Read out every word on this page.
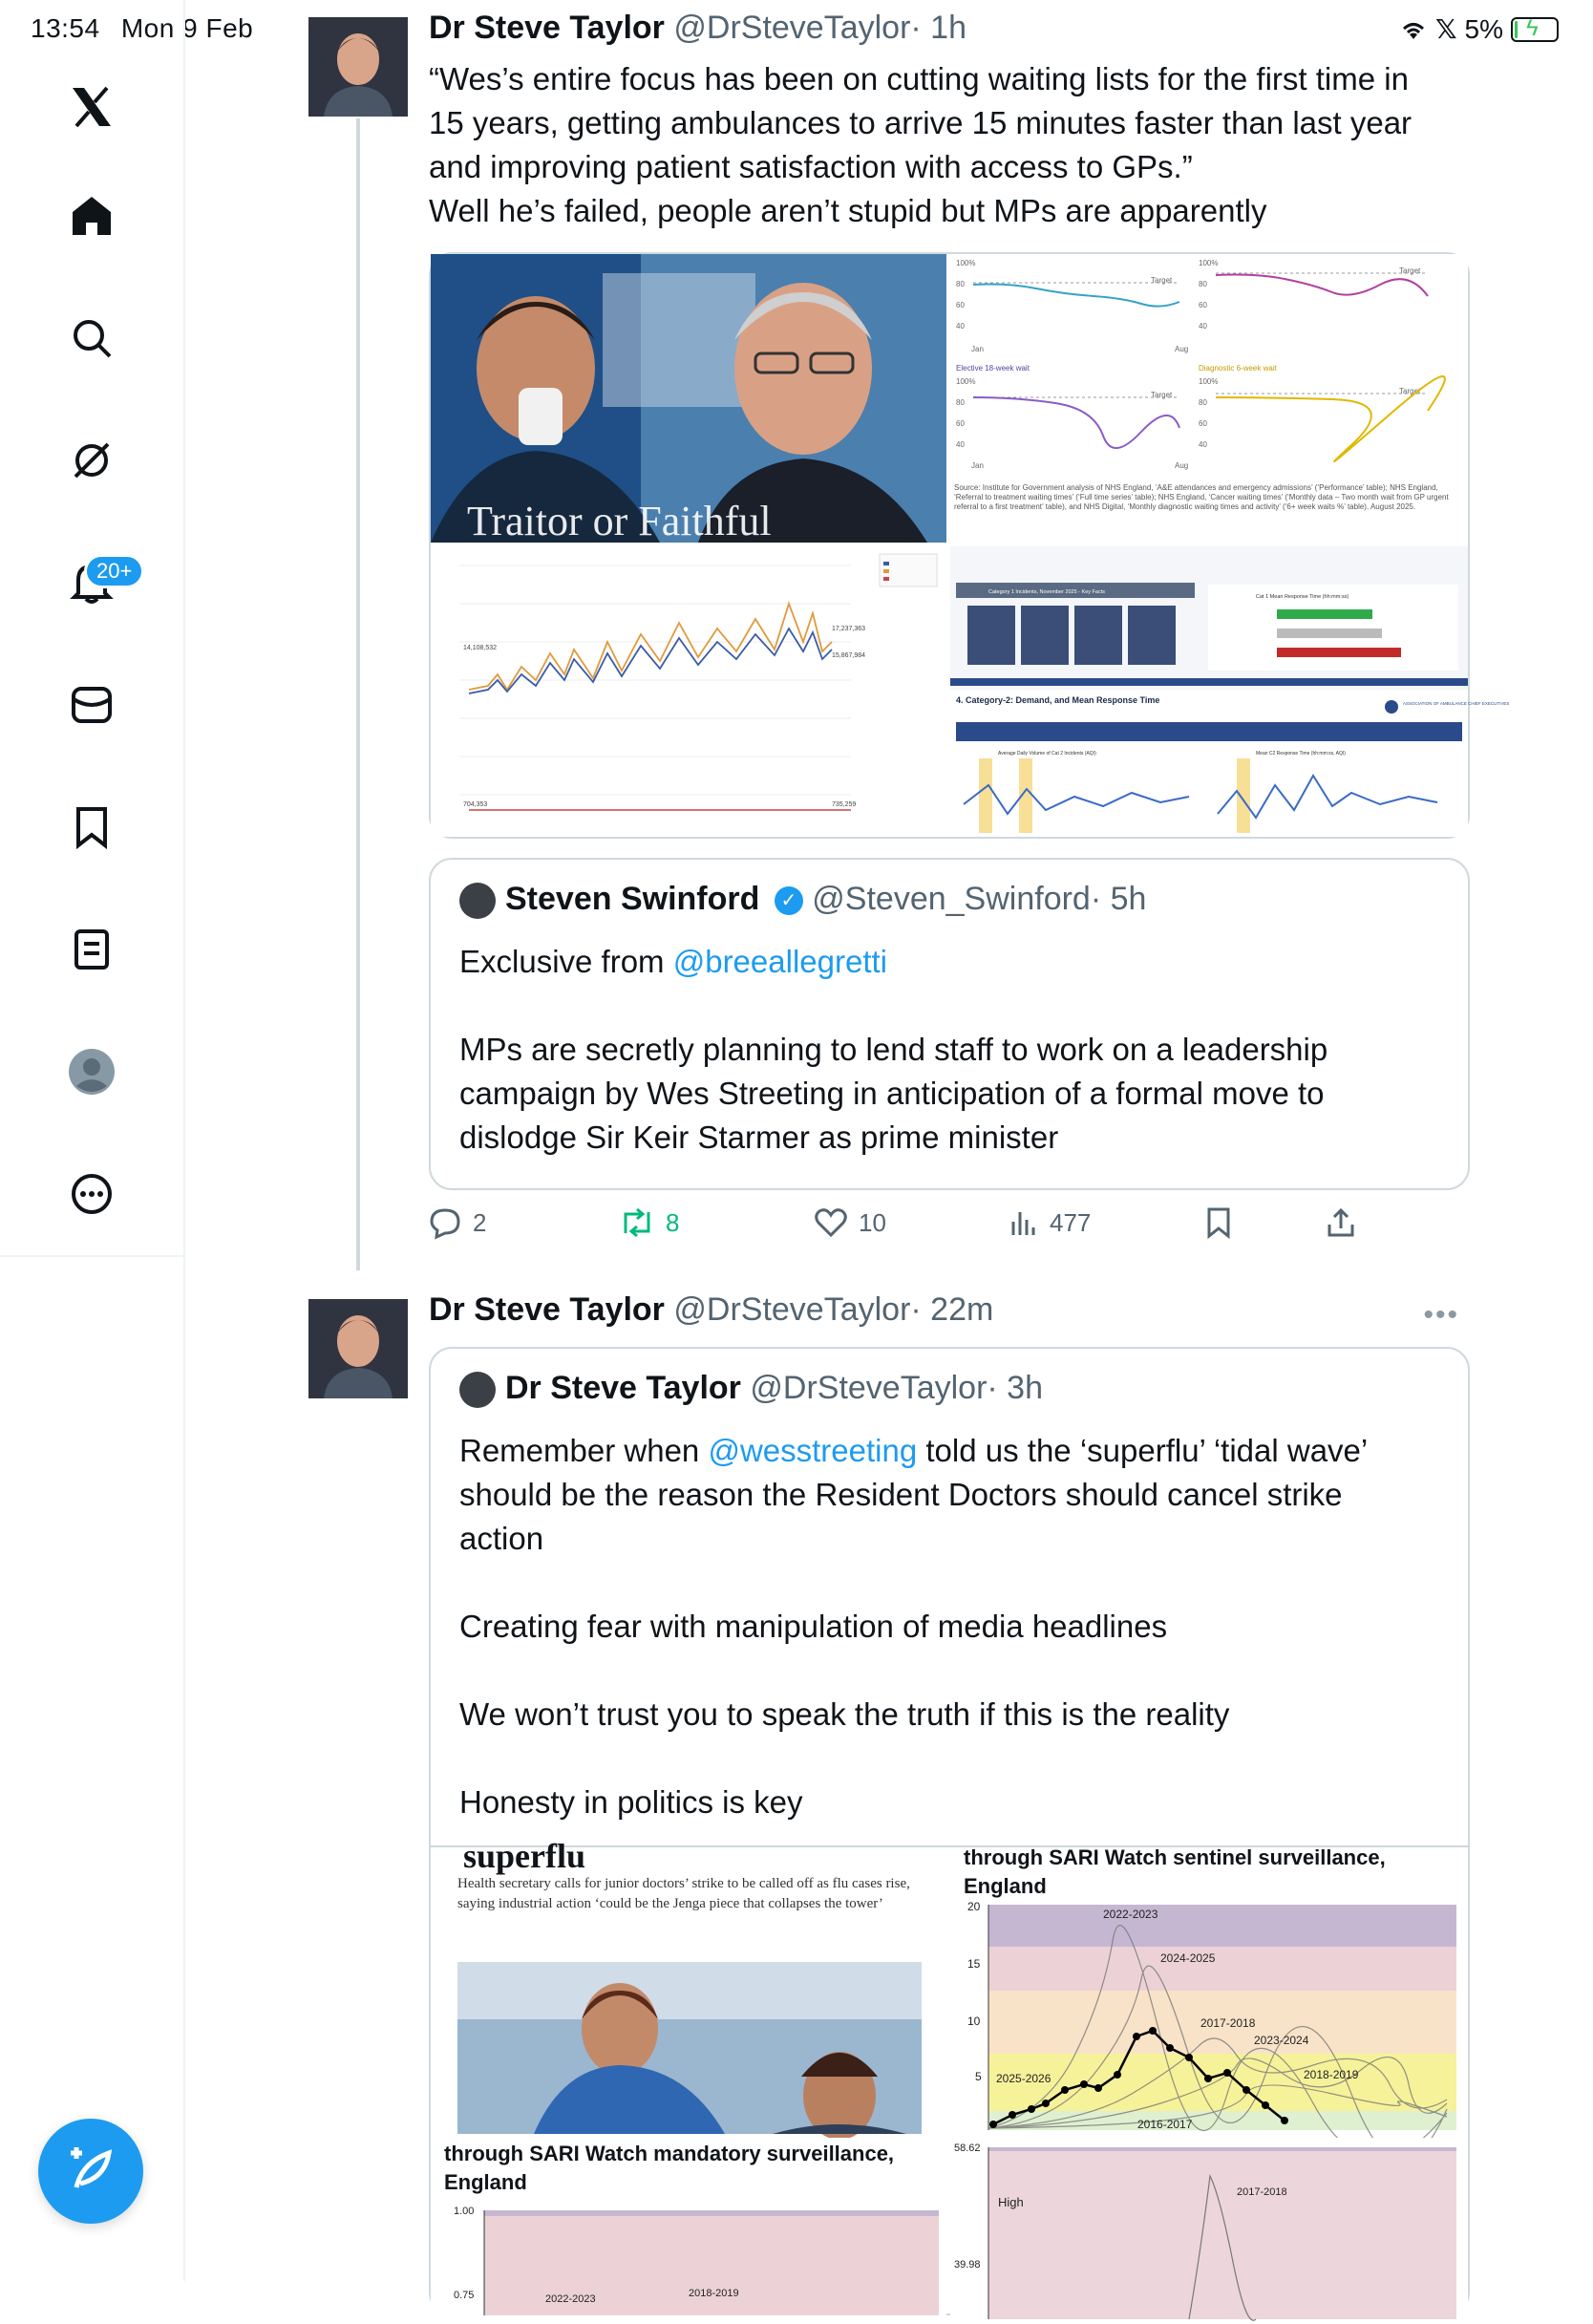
13:54 Mon 9 Feb	𝕏 5% ϟ
20+
Dr Steve Taylor @DrSteveTaylor· 1h
“Wes’s entire focus has been on cutting waiting lists for the first time in
15 years, getting ambulances to arrive 15 minutes faster than last year
and improving patient satisfaction with access to GPs.”
Well he’s failed, people aren’t stupid but MPs are apparently
Traitor or Faithful
100%
80
60
40
100%
80
60
40
Jan	Aug
Elective 18-week wait	Diagnostic 6-week wait
100%
80
60
40
100%
80
60
40
Jan	Aug
Target
Target
Target	Target
Source: Institute for Government analysis of NHS England, ‘A&E attendances and emergency admissions’ (‘Performance’ table); NHS England, ‘Referral to treatment waiting times’ (‘Full time series’ table); NHS England, ‘Cancer waiting times’ (‘Monthly data – Two month wait from GP urgent referral to a first treatment’ table), and NHS Digital, ‘Monthly diagnostic waiting times and activity’ (‘6+ week waits %’ table). August 2025.
14,108,532
17,237,363
15,867,984
704,353	735,259
4. Category-2: Demand, and Mean Response Time	ASSOCIATION OF AMBULANCE CHIEF EXECUTIVES
Category 1 Incidents, November 2025 - Key Facts
Cat 1 Mean Response Time (hh:mm:ss)
Average Daily Volume of Cat 2 Incidents (AQI)	Mean C2 Response Time (hh:mm:ss, AQI)
Steven Swinford ✓ @Steven_Swinford· 5h
Exclusive from @breeallegretti
MPs are secretly planning to lend staff to work on a leadership
campaign by Wes Streeting in anticipation of a formal move to
dislodge Sir Keir Starmer as prime minister
2	8	10	477
Dr Steve Taylor @DrSteveTaylor· 22m	•••
Dr Steve Taylor @DrSteveTaylor· 3h
Remember when @wesstreeting told us the ‘superflu’ ‘tidal wave’
should be the reason the Resident Doctors should cancel strike
action
Creating fear with manipulation of media headlines
We won’t trust you to speak the truth if this is the reality
Honesty in politics is key
superflu
Health secretary calls for junior doctors’ strike to be called off as flu cases rise, saying industrial action ‘could be the Jenga piece that collapses the tower’
through SARI Watch sentinel surveillance, England
20
15
10
5
2022-2023
2024-2025
2017-2018
2023-2024
2018-2019
2025-2026
2016-2017
through SARI Watch mandatory surveillance, England
1.00
0.75	2022-2023	2018-2019
58.62
39.98
High
2017-2018
